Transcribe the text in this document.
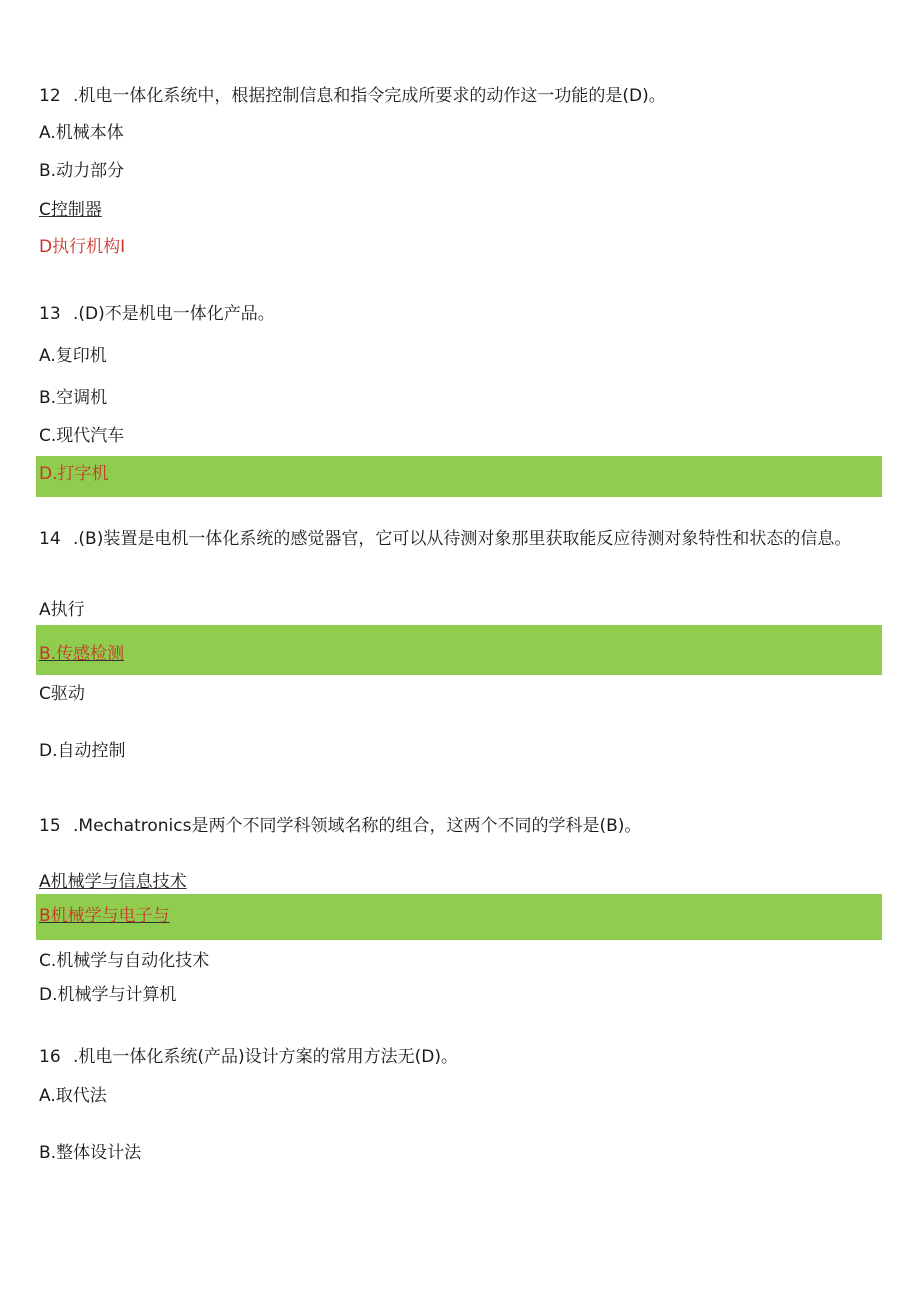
12 .机电一体化系统中，根据控制信息和指令完成所要求的动作这一功能的是(D)。
A.机械本体
B.动力部分
C控制器
D执行机构I
13 .(D)不是机电一体化产品。
A.复印机
B.空调机
C.现代汽车
D.打字机
14 .(B)装置是电机一体化系统的感觉器官，它可以从待测对象那里获取能反应待测对象特性和状态的信息。
A执行
B.传感检测
C驱动
D.自动控制
15 .Mechatronics是两个不同学科领域名称的组合，这两个不同的学科是(B)。
A机械学与信息技术
B机械学与电子与
C.机械学与自动化技术
D.机械学与计算机
16 .机电一体化系统(产品)设计方案的常用方法无(D)。
A.取代法
B.整体设计法
